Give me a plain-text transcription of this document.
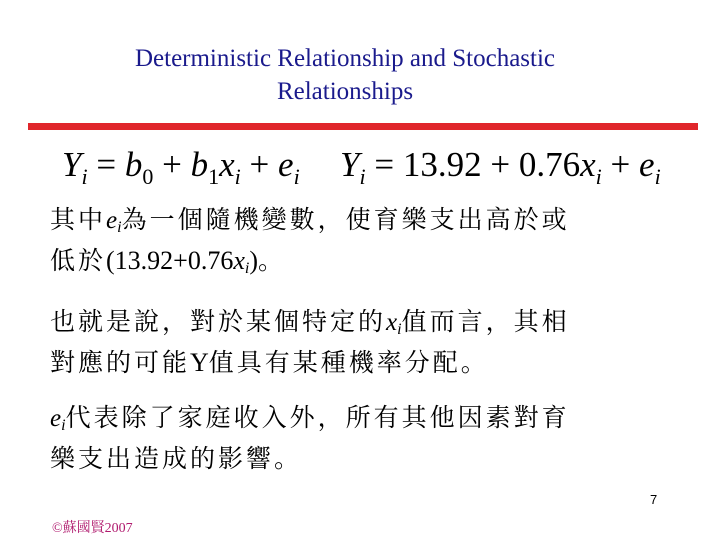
Deterministic Relationship and Stochastic
Relationships
$Y_i = b_0 + b_1x_i + e_i$ $Y_i = 13.92 + 0.76x_i + e_i$
其中$e_i$為一個隨機變數，使育樂支出高於或
低於$(13.92+0.76x_i)$。
也就是說，對於某個特定的$x_i$值而言，其相
對應的可能Y值具有某種機率分配。
$e_i$代表除了家庭收入外，所有其他因素對育
樂支出造成的影響。
7
©蘇國賢2007
